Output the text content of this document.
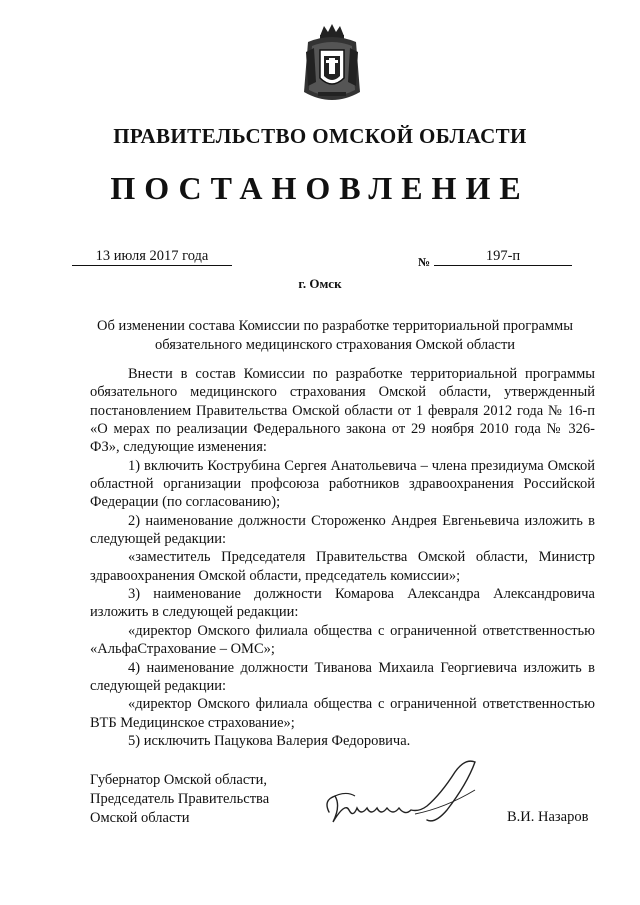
ПРАВИТЕЛЬСТВО ОМСКОЙ ОБЛАСТИ
ПОСТАНОВЛЕНИЕ
13 июля 2017 года	№	197-п
г. Омск
Об изменении состава Комиссии по разработке территориальной программы
обязательного медицинского страхования Омской области

Внести в состав Комиссии по разработке территориальной программы обязательного медицинского страхования Омской области, утвержденный постановлением Правительства Омской области от 1 февраля 2012 года № 16-п «О мерах по реализации Федерального закона от 29 ноября 2010 года № 326-ФЗ», следующие изменения:

1) включить Кострубина Сергея Анатольевича – члена президиума Омской областной организации профсоюза работников здравоохранения Российской Федерации (по согласованию);

2) наименование должности Стороженко Андрея Евгеньевича изложить в следующей редакции:

«заместитель Председателя Правительства Омской области, Министр здравоохранения Омской области, председатель комиссии»;

3) наименование должности Комарова Александра Александровича изложить в следующей редакции:

«директор Омского филиала общества с ограниченной ответственностью «АльфаСтрахование – ОМС»;

4) наименование должности Тиванова Михаила Георгиевича изложить в следующей редакции:

«директор Омского филиала общества с ограниченной ответственностью ВТБ Медицинское страхование»;

5) исключить Пацукова Валерия Федоровича.

Губернатор Омской области,
Председатель Правительства
Омской области	В.И. Назаров
